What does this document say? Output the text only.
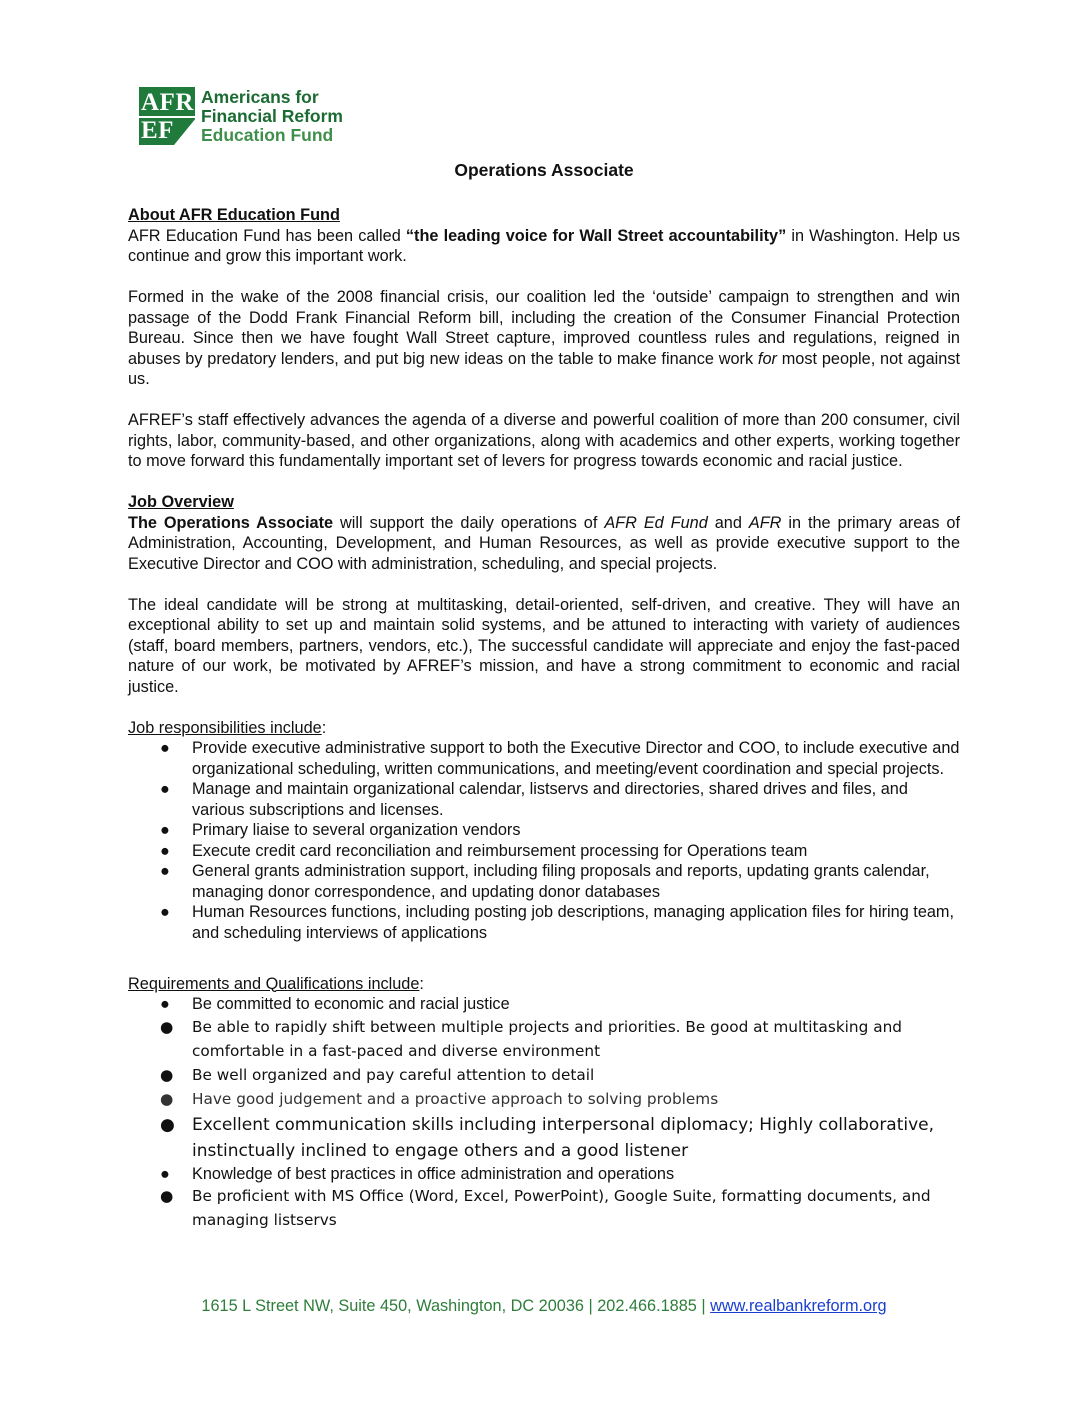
AFR
EF
Americans for
Financial Reform
Education Fund
Operations Associate

About AFR Education Fund

AFR Education Fund has been called “the leading voice for Wall Street accountability” in Washington. Help us continue and grow this important work.

Formed in the wake of the 2008 financial crisis, our coalition led the ‘outside’ campaign to strengthen and win passage of the Dodd Frank Financial Reform bill, including the creation of the Consumer Financial Protection Bureau. Since then we have fought Wall Street capture, improved countless rules and regulations, reigned in abuses by predatory lenders, and put big new ideas on the table to make finance work for most people, not against us.

AFREF’s staff effectively advances the agenda of a diverse and powerful coalition of more than 200 consumer, civil rights, labor, community-based, and other organizations, along with academics and other experts, working together to move forward this fundamentally important set of levers for progress towards economic and racial justice.

Job Overview

The Operations Associate will support the daily operations of AFR Ed Fund and AFR in the primary areas of Administration, Accounting, Development, and Human Resources, as well as provide executive support to the Executive Director and COO with administration, scheduling, and special projects.

The ideal candidate will be strong at multitasking, detail-oriented, self-driven, and creative. They will have an exceptional ability to set up and maintain solid systems, and be attuned to interacting with variety of audiences (staff, board members, partners, vendors, etc.), The successful candidate will appreciate and enjoy the fast-paced nature of our work, be motivated by AFREF’s mission, and have a strong commitment to economic and racial justice.

Job responsibilities include:

● Provide executive administrative support to both the Executive Director and COO, to include executive and organizational scheduling, written communications, and meeting/event coordination and special projects.
● Manage and maintain organizational calendar, listservs and directories, shared drives and files, and various subscriptions and licenses.
● Primary liaise to several organization vendors
● Execute credit card reconciliation and reimbursement processing for Operations team
● General grants administration support, including filing proposals and reports, updating grants calendar, managing donor correspondence, and updating donor databases
● Human Resources functions, including posting job descriptions, managing application files for hiring team, and scheduling interviews of applications

Requirements and Qualifications include:

● Be committed to economic and racial justice
● Be able to rapidly shift between multiple projects and priorities. Be good at multitasking and comfortable in a fast-paced and diverse environment
● Be well organized and pay careful attention to detail
● Have good judgement and a proactive approach to solving problems
● Excellent communication skills including interpersonal diplomacy; Highly collaborative, instinctually inclined to engage others and a good listener
● Knowledge of best practices in office administration and operations
● Be proficient with MS Office (Word, Excel, PowerPoint), Google Suite, formatting documents, and managing listservs
1615 L Street NW, Suite 450, Washington, DC 20036 | 202.466.1885 | www.realbankreform.org
